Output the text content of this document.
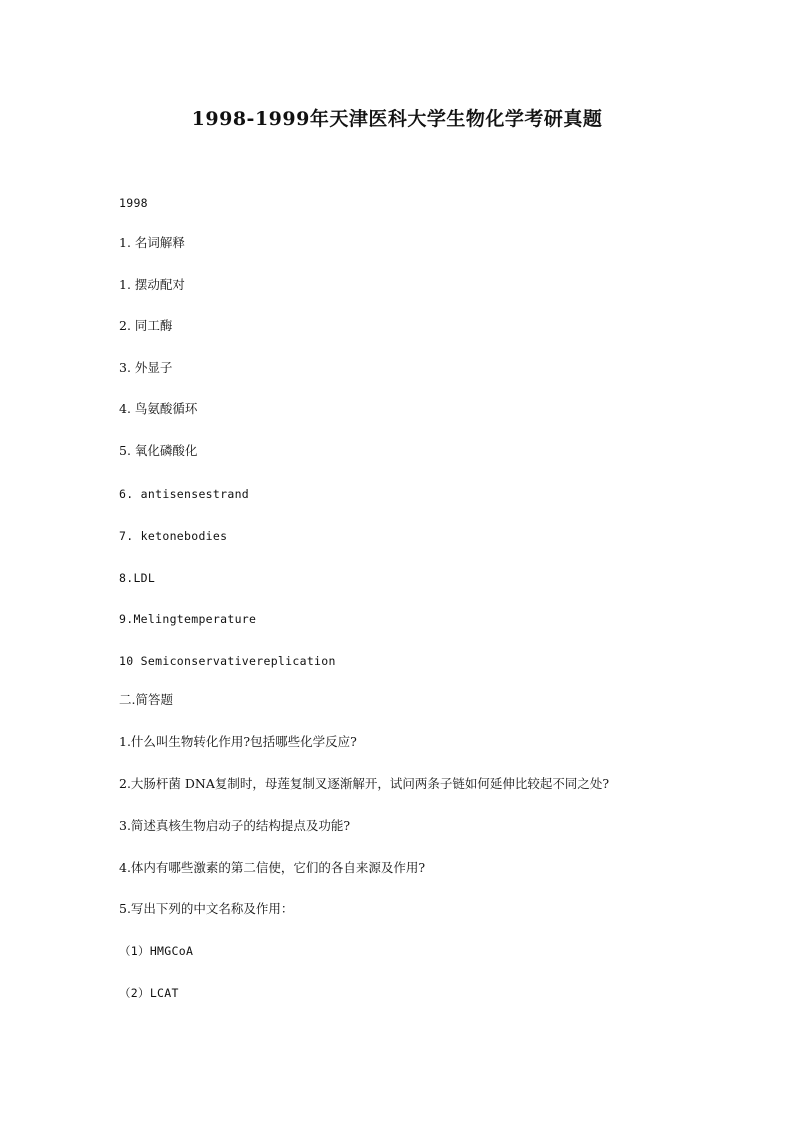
1998-1999年天津医科大学生物化学考研真题
1998
1. 名词解释
1. 摆动配对
2. 同工酶
3. 外显子
4. 鸟氨酸循环
5. 氧化磷酸化
6. antisensestrand
7. ketonebodies
8.LDL
9.Melingtemperature
10 Semiconservativereplication
二.简答题
1.什么叫生物转化作用?包括哪些化学反应?
2.大肠杆菌 DNA复制时，母莲复制叉逐渐解开，试问两条子链如何延伸比较起不同之处?
3.简述真核生物启动子的结构提点及功能?
4.体内有哪些激素的第二信使，它们的各自来源及作用?
5.写出下列的中文名称及作用：
（1）HMGCoA
（2）LCAT
